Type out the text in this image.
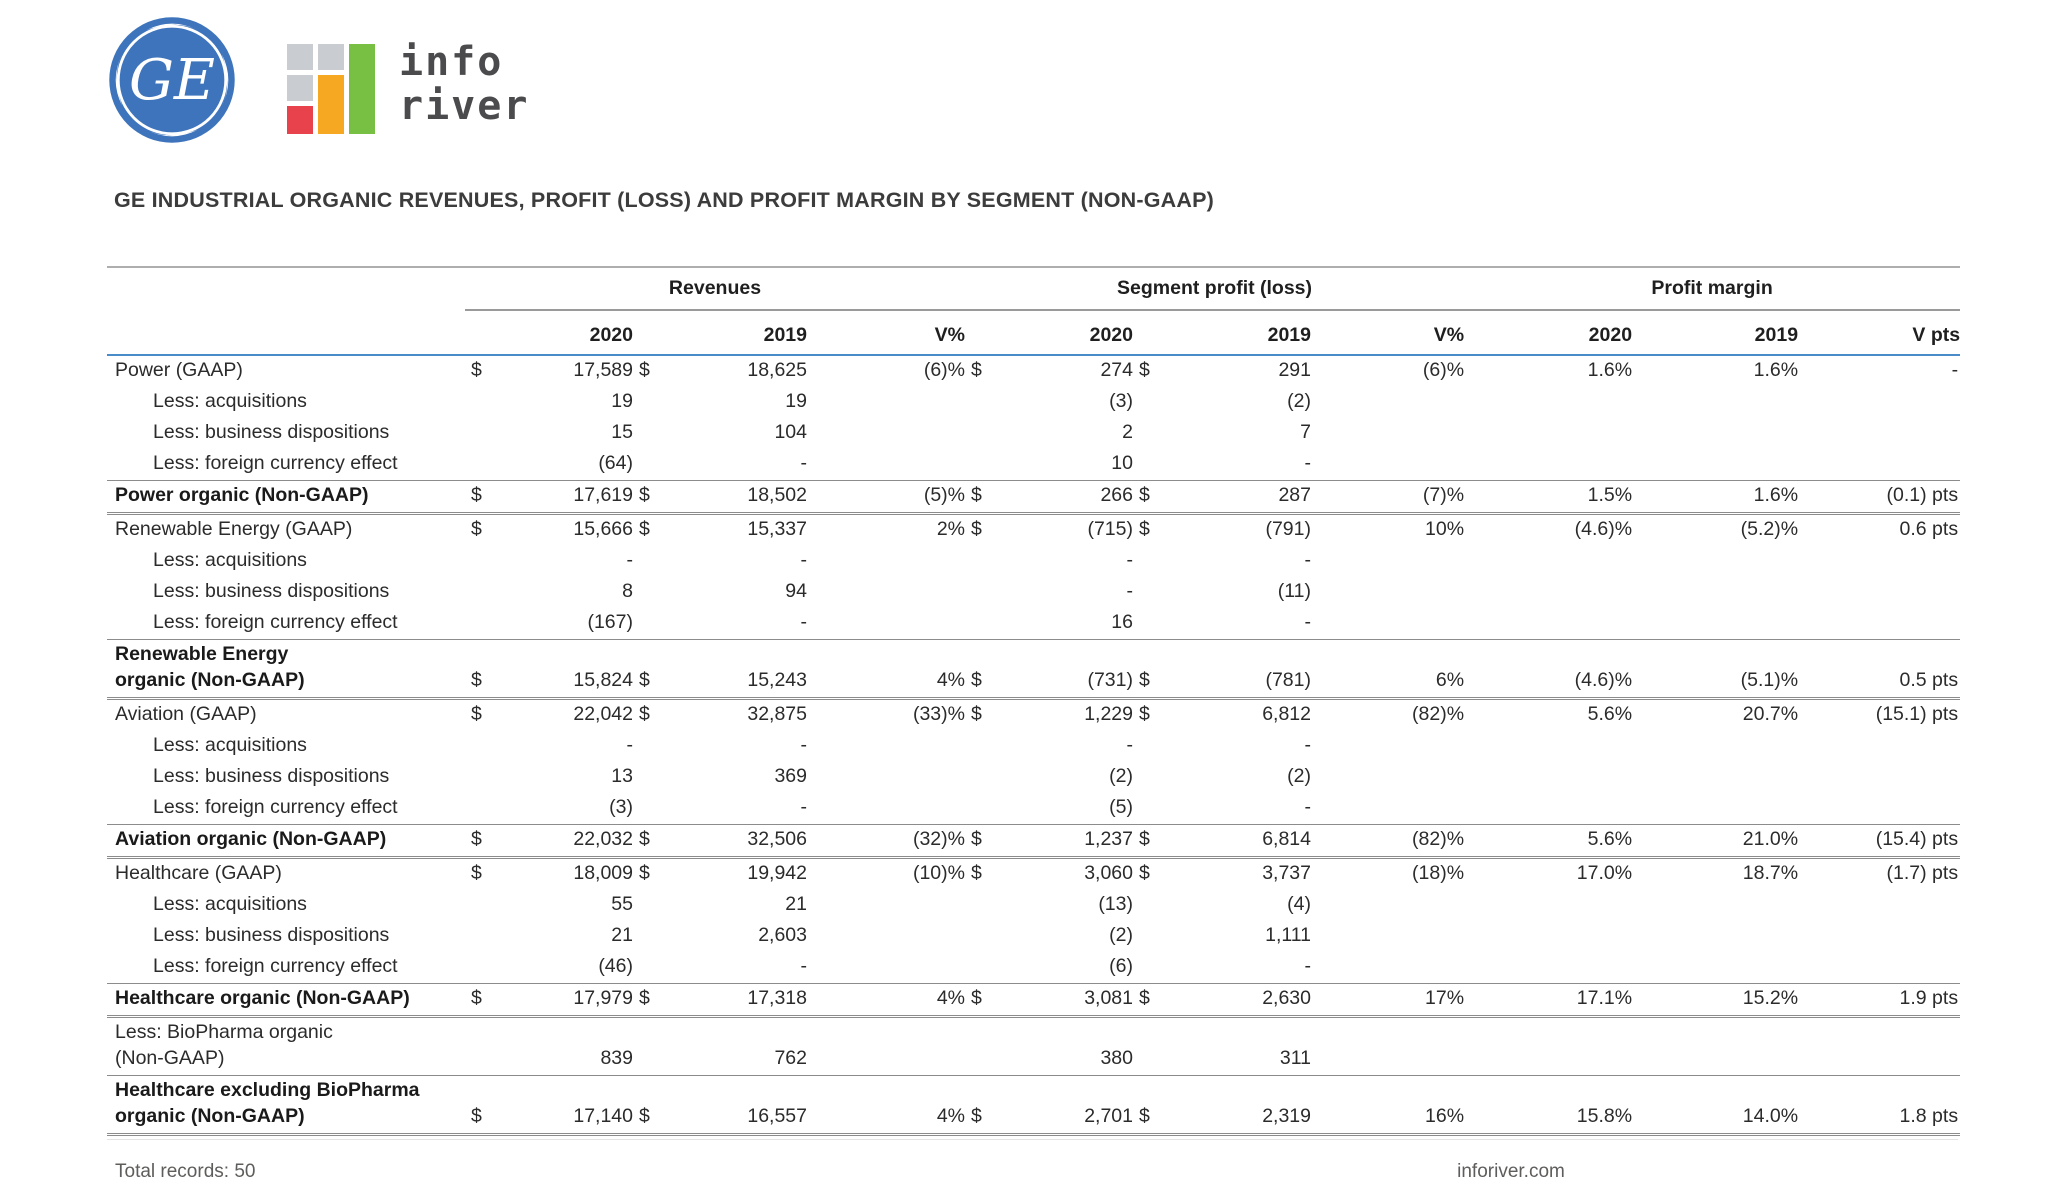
GE	info
river
GE INDUSTRIAL ORGANIC REVENUES, PROFIT (LOSS) AND PROFIT MARGIN BY SEGMENT (NON-GAAP)
	Revenues					Segment profit (loss)					Profit margin		
	2020		2019		V%	2020		2019		V%	2020	2019	V pts

Power (GAAP)	$	17,589	$	18,625	(6)%	$	274	$	291	(6)%	1.6%	1.6%	-

Less: acquisitions		19		19			(3)		(2)				

Less: business dispositions		15		104			2		7				

Less: foreign currency effect		(64)		-			10		-				

Power organic (Non-GAAP)	$	17,619	$	18,502	(5)%	$	266	$	287	(7)%	1.5%	1.6%	(0.1) pts

Renewable Energy (GAAP)	$	15,666	$	15,337	2%	$	(715)	$	(791)	10%	(4.6)%	(5.2)%	0.6 pts

Less: acquisitions		-		-			-		-				

Less: business dispositions		8		94			-		(11)				

Less: foreign currency effect		(167)		-			16		-				

Renewable Energy
organic (Non-GAAP)	$	15,824	$	15,243	4%	$	(731)	$	(781)	6%	(4.6)%	(5.1)%	0.5 pts

Aviation (GAAP)	$	22,042	$	32,875	(33)%	$	1,229	$	6,812	(82)%	5.6%	20.7%	(15.1) pts

Less: acquisitions		-		-			-		-				

Less: business dispositions		13		369			(2)		(2)				

Less: foreign currency effect		(3)		-			(5)		-				

Aviation organic (Non-GAAP)	$	22,032	$	32,506	(32)%	$	1,237	$	6,814	(82)%	5.6%	21.0%	(15.4) pts

Healthcare (GAAP)	$	18,009	$	19,942	(10)%	$	3,060	$	3,737	(18)%	17.0%	18.7%	(1.7) pts

Less: acquisitions		55		21			(13)		(4)				

Less: business dispositions		21		2,603			(2)		1,111				

Less: foreign currency effect		(46)		-			(6)		-				

Healthcare organic (Non-GAAP)	$	17,979	$	17,318	4%	$	3,081	$	2,630	17%	17.1%	15.2%	1.9 pts

Less: BioPharma organic
(Non-GAAP)		839		762			380		311				

Healthcare excluding BioPharma
organic (Non-GAAP)	$	17,140	$	16,557	4%	$	2,701	$	2,319	16%	15.8%	14.0%	1.8 pts
Total records: 50	inforiver.com
